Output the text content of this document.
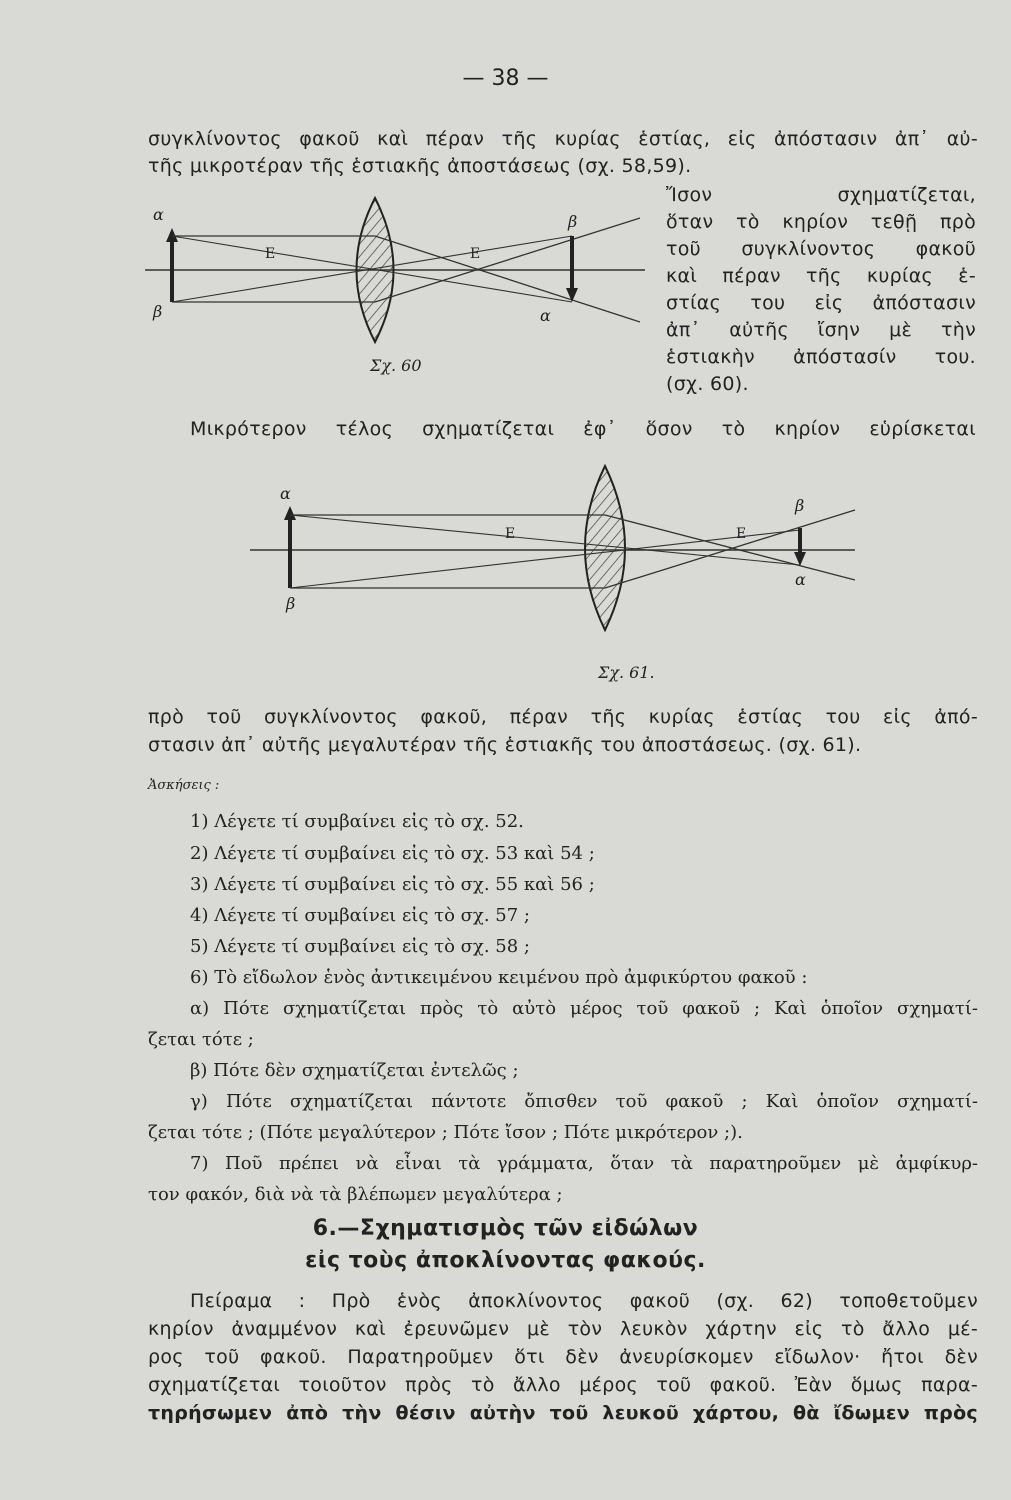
— 38 —
συγκλίνοντος φακοῦ καὶ πέραν τῆς κυρίας ἑστίας, εἰς ἀπόστασιν ἀπ᾽ αὐ-
τῆς μικροτέραν τῆς ἑστιακῆς ἀποστάσεως (σχ. 58,59).
Ἴσον σχηματίζεται,
ὅταν τὸ κηρίον τεθῇ πρὸ
τοῦ συγκλίνοντος φακοῦ
καὶ πέραν τῆς κυρίας ἑ-
στίας του εἰς ἀπόστασιν
ἀπ᾽ αὐτῆς ἴσην μὲ τὴν
ἑστιακὴν ἀπόστασίν του.
(σχ. 60).
α
β
Ε	Ε
β
α
Σχ. 60
Μικρότερον τέλος σχηματίζεται ἐφ᾽ ὅσον τὸ κηρίον εὑρίσκεται
α
β
Ε	Ε
β
α
Σχ. 61.
πρὸ τοῦ συγκλίνοντος φακοῦ, πέραν τῆς κυρίας ἑστίας του εἰς ἀπό-
στασιν ἀπ᾽ αὐτῆς μεγαλυτέραν τῆς ἑστιακῆς του ἀποστάσεως. (σχ. 61).
Ἀσκήσεις :
1) Λέγετε τί συμβαίνει εἰς τὸ σχ. 52.
2) Λέγετε τί συμβαίνει εἰς τὸ σχ. 53 καὶ 54 ;
3) Λέγετε τί συμβαίνει εἰς τὸ σχ. 55 καὶ 56 ;
4) Λέγετε τί συμβαίνει εἰς τὸ σχ. 57 ;
5) Λέγετε τί συμβαίνει εἰς τὸ σχ. 58 ;
6) Τὸ εἴδωλον ἑνὸς ἀντικειμένου κειμένου πρὸ ἀμφικύρτου φακοῦ :
α) Πότε σχηματίζεται πρὸς τὸ αὐτὸ μέρος τοῦ φακοῦ ; Καὶ ὁποῖον σχηματί-
ζεται τότε ;
β) Πότε δὲν σχηματίζεται ἐντελῶς ;
γ) Πότε σχηματίζεται πάντοτε ὄπισθεν τοῦ φακοῦ ; Καὶ ὁποῖον σχηματί-
ζεται τότε ; (Πότε μεγαλύτερον ; Πότε ἴσον ; Πότε μικρότερον ;).
7) Ποῦ πρέπει νὰ εἶναι τὰ γράμματα, ὅταν τὰ παρατηροῦμεν μὲ ἀμφίκυρ-
τον φακόν, διὰ νὰ τὰ βλέπωμεν μεγαλύτερα ;
6.—Σχηματισμὸς τῶν εἰδώλων
εἰς τοὺς ἀποκλίνοντας φακούς.
Πείραμα : Πρὸ ἑνὸς ἀποκλίνοντος φακοῦ (σχ. 62) τοποθετοῦμεν
κηρίον ἀναμμένον καὶ ἐρευνῶμεν μὲ τὸν λευκὸν χάρτην εἰς τὸ ἄλλο μέ-
ρος τοῦ φακοῦ. Παρατηροῦμεν ὅτι δὲν ἀνευρίσκομεν εἴδωλον· ἤτοι δὲν
σχηματίζεται τοιοῦτον πρὸς τὸ ἄλλο μέρος τοῦ φακοῦ. Ἐὰν ὅμως παρα-
τηρήσωμεν ἀπὸ τὴν θέσιν αὐτὴν τοῦ λευκοῦ χάρτου, θὰ ἴδωμεν πρὸς
